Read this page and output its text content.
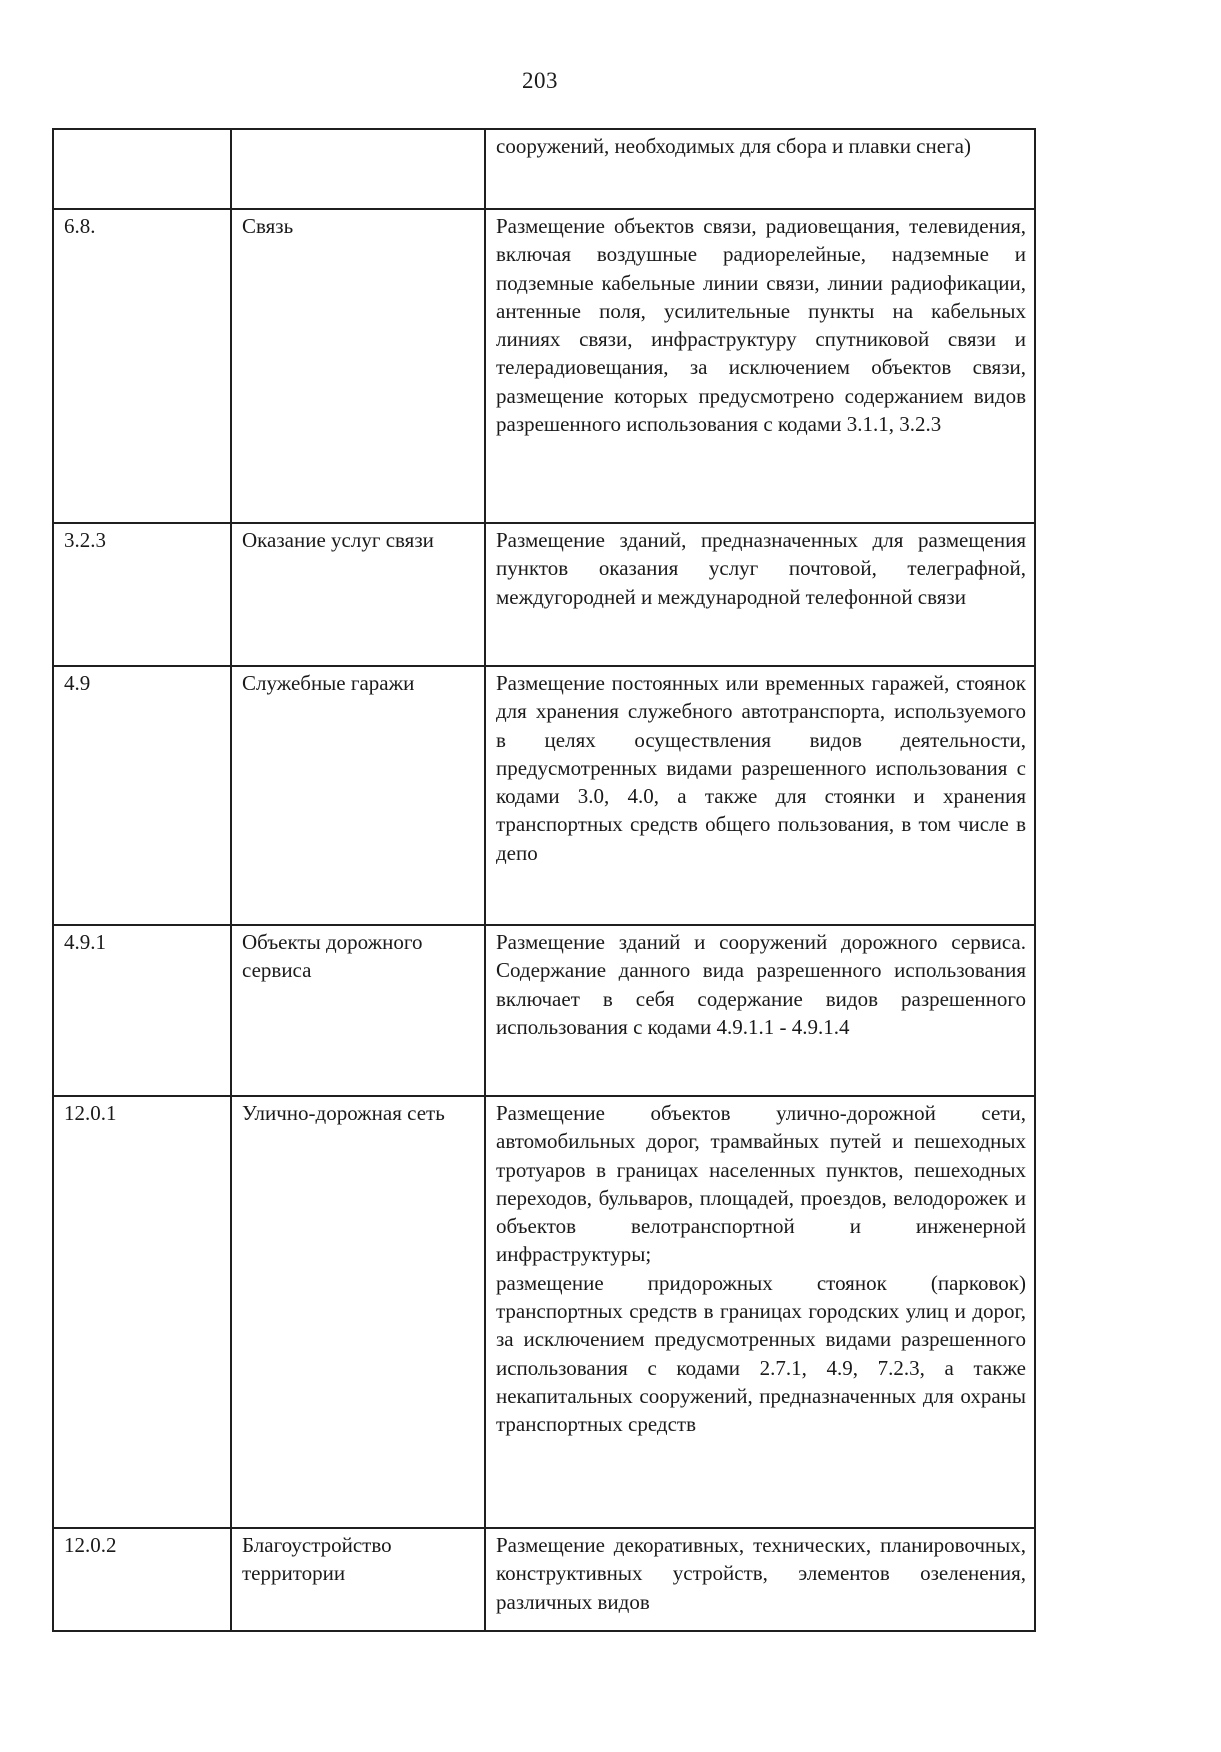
203

		сооружений, необходимых для сбора и плавки снега)

6.8.	Связь	Размещение объектов связи, радиовещания, телевидения, включая воздушные радиорелейные, надземные и подземные кабельные линии связи, линии радиофикации, антенные поля, усилительные пункты на кабельных линиях связи, инфраструктуру спутниковой связи и телерадиовещания, за исключением объектов связи, размещение которых предусмотрено содержанием видов разрешенного использования с кодами 3.1.1, 3.2.3

3.2.3	Оказание услуг связи	Размещение зданий, предназначенных для размещения пунктов оказания услуг почтовой, телеграфной, междугородней и международной телефонной связи

4.9	Служебные гаражи	Размещение постоянных или временных гаражей, стоянок для хранения служебного автотранспорта, используемого в целях осуществления видов деятельности, предусмотренных видами разрешенного использования с кодами 3.0, 4.0, а также для стоянки и хранения транспортных средств общего пользования, в том числе в депо

4.9.1	Объекты дорожного сервиса	Размещение зданий и сооружений дорожного сервиса. Содержание данного вида разрешенного использования включает в себя содержание видов разрешенного использования с кодами 4.9.1.1 - 4.9.1.4

12.0.1	Улично-дорожная сеть	Размещение объектов улично-дорожной сети, автомобильных дорог, трамвайных путей и пешеходных тротуаров в границах населенных пунктов, пешеходных переходов, бульваров, площадей, проездов, велодорожек и объектов велотранспортной и инженерной инфраструктуры;
размещение придорожных стоянок (парковок) транспортных средств в границах городских улиц и дорог, за исключением предусмотренных видами разрешенного использования с кодами 2.7.1, 4.9, 7.2.3, а также некапитальных сооружений, предназначенных для охраны транспортных средств

12.0.2	Благоустройство территории	Размещение декоративных, технических, планировочных, конструктивных устройств, элементов озеленения, различных видов
